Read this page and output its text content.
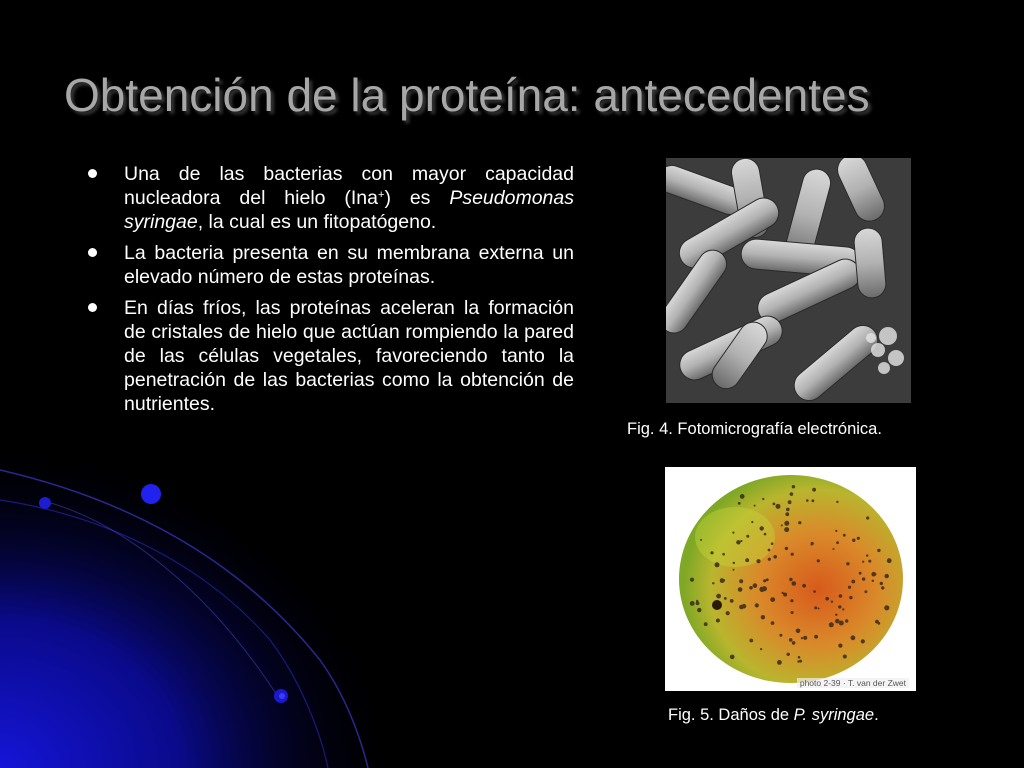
Obtención de la proteína: antecedentes
Una de las bacterias con mayor capacidad nucleadora del hielo (Ina+) es Pseudomonas syringae, la cual es un fitopatógeno.
La bacteria presenta en su membrana externa un elevado número de estas proteínas.
En días fríos, las proteínas aceleran la formación de cristales de hielo que actúan rompiendo la pared de las células vegetales, favoreciendo tanto la penetración de las bacterias como la obtención de nutrientes.
Fig. 4. Fotomicrografía electrónica.
photo 2-39 · T. van der Zwet
Fig. 5. Daños de P. syringae.
